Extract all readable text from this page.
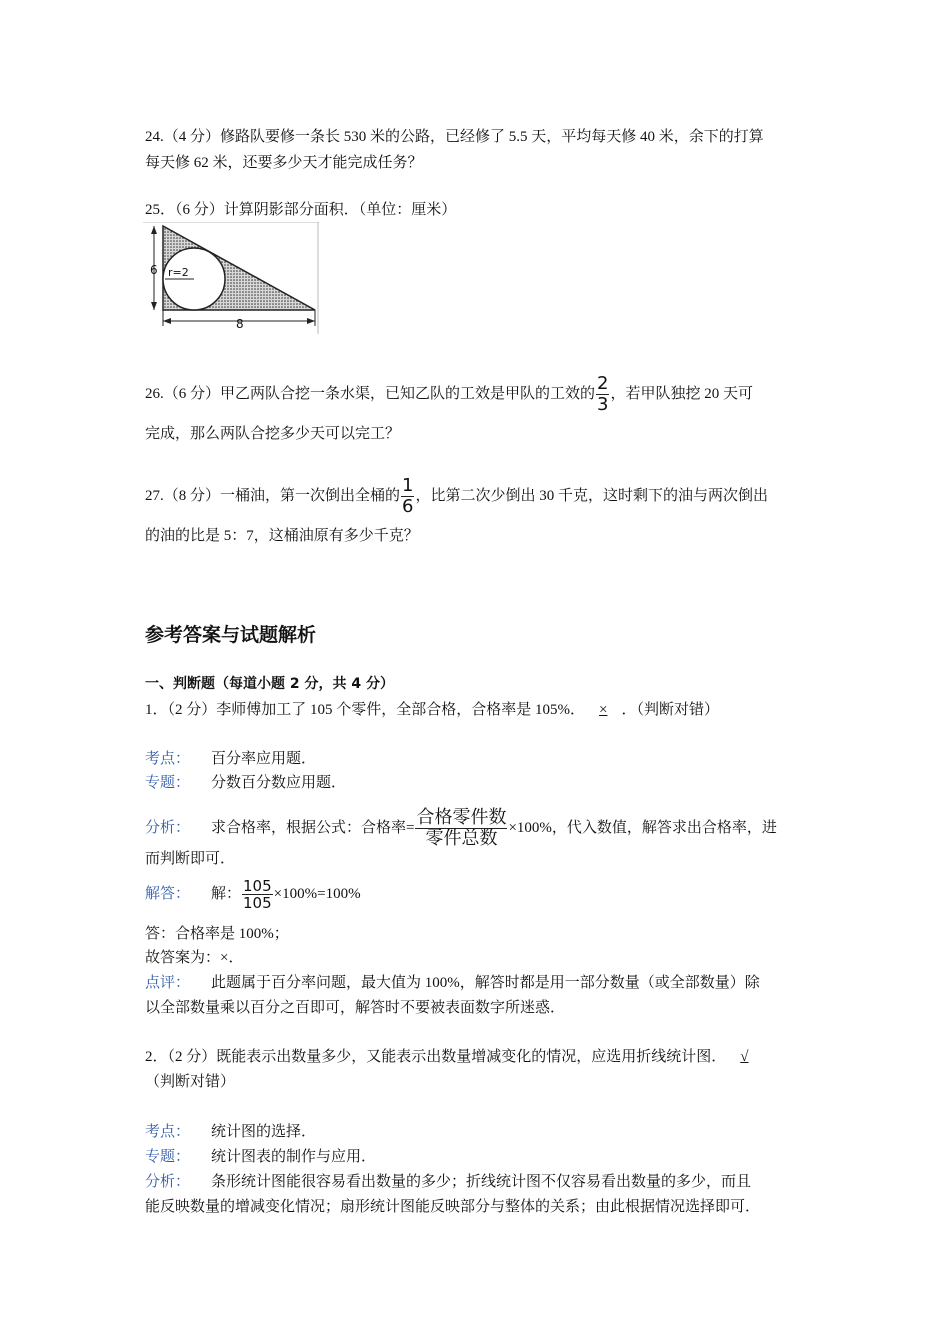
24.（4 分）修路队要修一条长 530 米的公路，已经修了 5.5 天，平均每天修 40 米，余下的打算
每天修 62 米，还要多少天才能完成任务？
25．（6 分）计算阴影部分面积．（单位：厘米）
6
8
r=2
26.（6 分）甲乙两队合挖一条水渠，已知乙队的工效是甲队的工效的 $\frac{2}{3}$ ，若甲队独挖 20 天可
完成，那么两队合挖多少天可以完工？
27.（8 分）一桶油，第一次倒出全桶的 $\frac{1}{6}$ ，比第二次少倒出 30 千克，这时剩下的油与两次倒出
的油的比是 5：7，这桶油原有多少千克？
参考答案与试题解析
一、判断题（每道小题 2 分，共 4 分）
1．（2 分）李师傅加工了 105 个零件，全部合格，合格率是 105%． × ．（判断对错）
考点： 百分率应用题．
专题： 分数百分数应用题．
分析： 求合格率，根据公式：合格率= $\frac{\text{合格零件数}}{\text{零件总数}} \times 100\%$，代入数值，解答求出合格率，进
而判断即可．
解答： 解： $\frac{105}{105} \times 100\%=100\%$
答：合格率是 100%；
故答案为：×．
点评： 此题属于百分率问题，最大值为 100%，解答时都是用一部分数量（或全部数量）除
以全部数量乘以百分之百即可，解答时不要被表面数字所迷惑．
2．（2 分）既能表示出数量多少，又能表示出数量增减变化的情况，应选用折线统计图． √
（判断对错）
考点： 统计图的选择．
专题： 统计图表的制作与应用．
分析： 条形统计图能很容易看出数量的多少；折线统计图不仅容易看出数量的多少，而且
能反映数量的增减变化情况；扇形统计图能反映部分与整体的关系；由此根据情况选择即可．
